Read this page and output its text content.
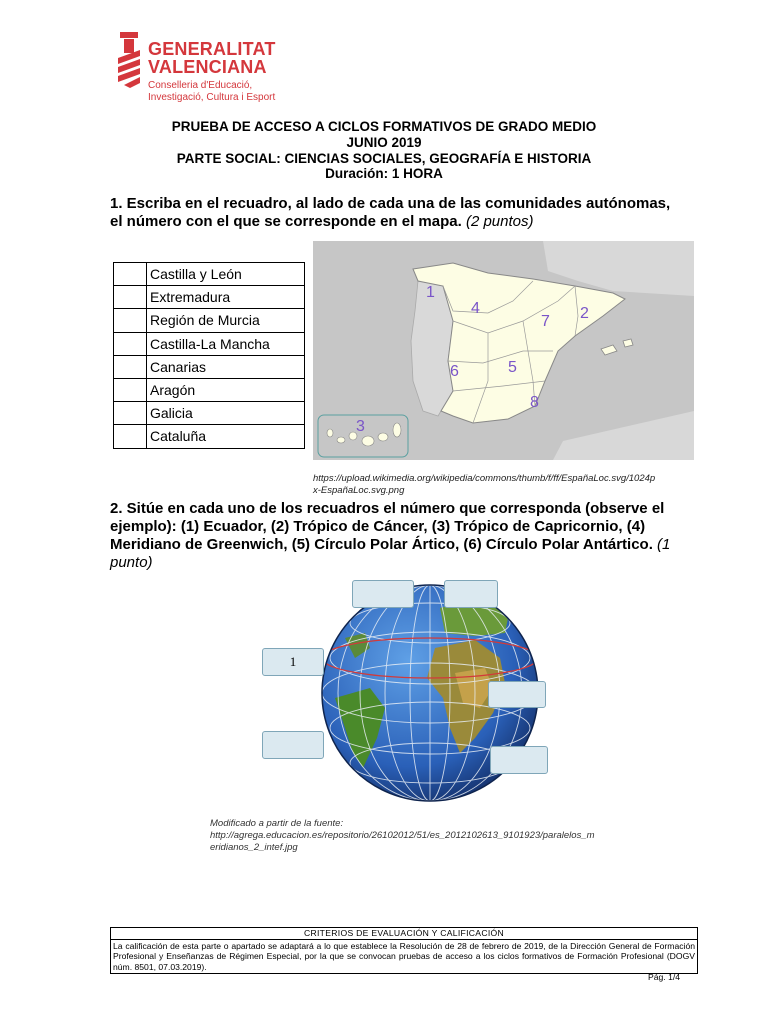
GENERALITAT
VALENCIANA
Conselleria d'Educació,
Investigació, Cultura i Esport
PRUEBA DE ACCESO A CICLOS FORMATIVOS DE GRADO MEDIO
JUNIO 2019
PARTE SOCIAL: CIENCIAS SOCIALES, GEOGRAFÍA E HISTORIA
Duración: 1 HORA
1. Escriba en el recuadro, al lado de cada una de las comunidades autónomas,
el número con el que se corresponde en el mapa. (2 puntos)
	Castilla y León
	Extremadura
	Región de Murcia
	Castilla-La Mancha
	Canarias
	Aragón
	Galicia
	Cataluña
1
2
3
4
5
6
7
8
https://upload.wikimedia.org/wikipedia/commons/thumb/f/ff/EspañaLoc.svg/1024p
x-EspañaLoc.svg.png
2. Sitúe en cada uno de los recuadros el número que corresponda (observe el
ejemplo): (1) Ecuador, (2) Trópico de Cáncer, (3) Trópico de Capricornio, (4)
Meridiano de Greenwich, (5) Círculo Polar Ártico, (6) Círculo Polar Antártico. (1
punto)
1
Modificado a partir de la fuente:
http://agrega.educacion.es/repositorio/26102012/51/es_2012102613_9101923/paralelos_m
eridianos_2_intef.jpg
CRITERIOS DE EVALUACIÓN Y CALIFICACIÓN
La calificación de esta parte o apartado se adaptará a lo que establece la Resolución de 28 de febrero de 2019, de la Dirección General de Formación Profesional y Enseñanzas de Régimen Especial, por la que se convocan pruebas de acceso a los ciclos formativos de Formación Profesional (DOGV núm. 8501, 07.03.2019).
Pág. 1/4
